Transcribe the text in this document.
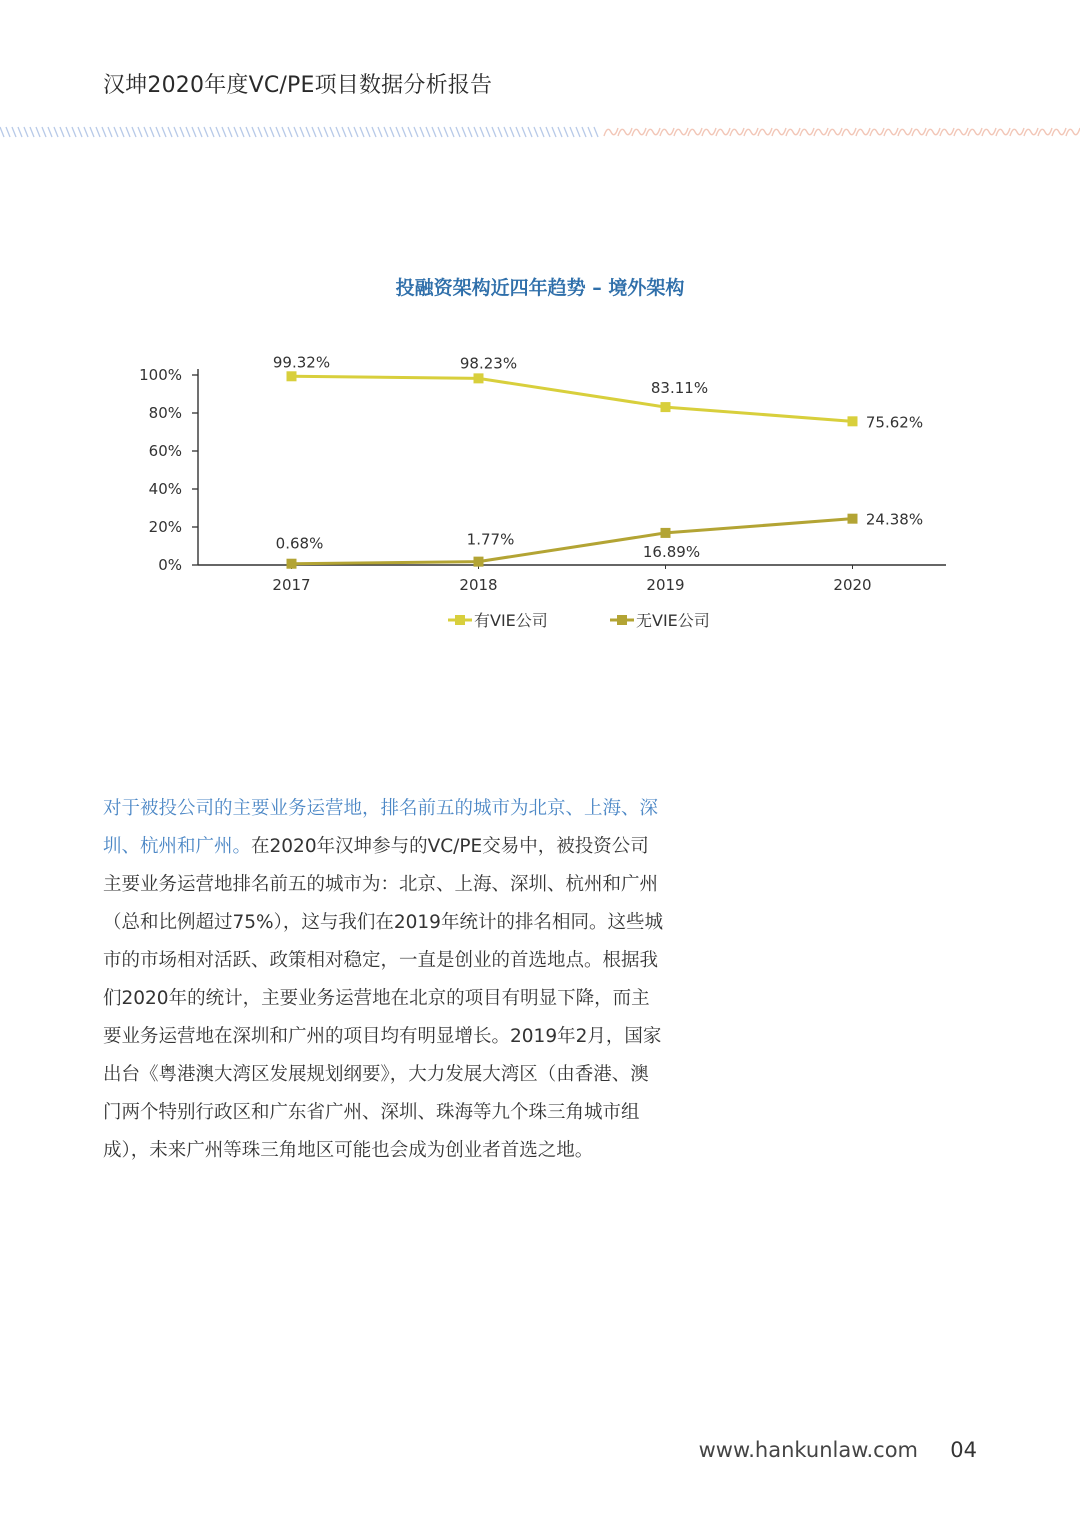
汉坤2020年度VC/PE项目数据分析报告
投融资架构近四年趋势 – 境外架构
0%
20%
40%
60%
80%
100%
2017	2018	2019	2020
99.32%	98.23%
83.11%
75.62%
0.68%	1.77%
16.89%
24.38%
有VIE公司	无VIE公司

对于被投公司的主要业务运营地，排名前五的城市为北京、上海、深圳、杭州和广州。在2020年汉坤参与的VC/PE交易中，被投资公司主要业务运营地排名前五的城市为：北京、上海、深圳、杭州和广州（总和比例超过75%），这与我们在2019年统计的排名相同。这些城市的市场相对活跃、政策相对稳定，一直是创业的首选地点。根据我们2020年的统计，主要业务运营地在北京的项目有明显下降，而主要业务运营地在深圳和广州的项目均有明显增长。2019年2月，国家出台《粤港澳大湾区发展规划纲要》，大力发展大湾区（由香港、澳门两个特别行政区和广东省广州、深圳、珠海等九个珠三角城市组成），未来广州等珠三角地区可能也会成为创业者首选之地。

www.hankunlaw.com 04
